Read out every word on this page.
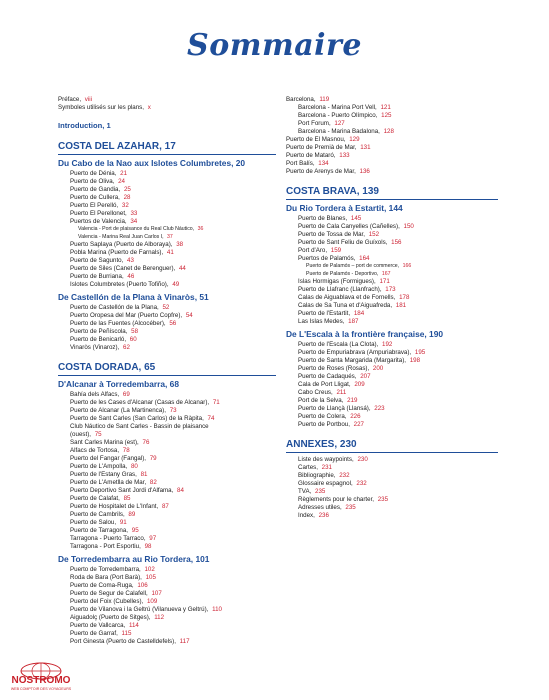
Sommaire
Préface, viii
Symboles utilisés sur les plans, x
Introduction, 1
COSTA DEL AZAHAR, 17
Du Cabo de la Nao aux Islotes Columbretes, 20
Puerto de Dénia, 21
Puerto de Oliva, 24
Puerto de Gandia, 25
Puerto de Cullera, 28
Puerto El Perelló, 32
Puerto El Perellonet, 33
Puertos de Valencia, 34
Valencia - Port de plaisance du Real Club Náutico, 36
Valencia - Marina Real Juan Carlos I, 37
Puerto Saplaya (Puerto de Alboraya), 38
Pobla Marina (Puerto de Farnals), 41
Puerto de Sagunto, 43
Puerto de Siles (Canet de Berenguer), 44
Puerto de Burriana, 46
Islotes Columbretes (Puerto Tofiño), 49
De Castellón de la Plana à Vinaròs, 51
Puerto de Castellón de la Plana, 52
Puerto Oropesa del Mar (Puerto Copfre), 54
Puerto de las Fuentes (Alcocéber), 56
Puerto de Peñíscola, 58
Puerto de Benicarló, 60
Vinaròs (Vinaroz), 62
COSTA DORADA, 65
D'Alcanar à Torredembarra, 68
Bahía dels Alfacs, 69
Puerto de les Cases d'Alcanar (Casas de Alcanar), 71
Puerto de Alcanar (La Martinenca), 73
Puerto de Sant Carles (San Carlos) de la Ràpita, 74
Club Náutico de Sant Carles - Bassin de plaisance
(ouest), 75
Sant Carles Marina (est), 76
Alfacs de Tortosa, 78
Puerto del Fangar (Fangal), 79
Puerto de L'Ampolla, 80
Puerto de l'Estany Gras, 81
Puerto de L'Ametlla de Mar, 82
Puerto Deportivo Sant Jordi d'Alfama, 84
Puerto de Calafat, 85
Puerto de Hospitalet de L'Infant, 87
Puerto de Cambrils, 89
Puerto de Salou, 91
Puerto de Tarragona, 95
Tarragona - Puerto Tarraco, 97
Tarragona - Port Esportiu, 98
De Torredembarra au Rio Tordera, 101
Puerto de Torredembarra, 102
Roda de Bara (Port Barà), 105
Puerto de Coma-Ruga, 106
Puerto de Segur de Calafell, 107
Puerto del Foix (Cubelles), 109
Puerto de Vilanova i la Geltrú (Vilanueva y Geltrú), 110
Aiguadolç (Puerto de Sitges), 112
Puerto de Vallcarca, 114
Puerto de Garraf, 115
Port Ginesta (Puerto de Castelldefels), 117
Barcelona, 119
Barcelona - Marina Port Vell, 121
Barcelona - Puerto Olímpico, 125
Port Forum, 127
Barcelona - Marina Badalona, 128
Puerto de El Masnou, 129
Puerto de Premià de Mar, 131
Puerto de Mataró, 133
Port Balís, 134
Puerto de Arenys de Mar, 136
COSTA BRAVA, 139
Du Rio Tordera à Estartit, 144
Puerto de Blanes, 145
Puerto de Cala Canyelles (Cañelles), 150
Puerto de Tossa de Mar, 152
Puerto de Sant Feliu de Guíxols, 156
Port d'Aro, 159
Puertos de Palamós, 164
Puerto de Palamós – port de commerce, 166
Puerto de Palamós - Deportivo, 167
Islas Hormigas (Formigues), 171
Puerto de Llafranc (Llanfrach), 173
Calas de Aiguablava et de Fornells, 178
Calas de Sa Tuna et d'Aiguafreda, 181
Puerto de l'Estartit, 184
Las Islas Medes, 187
De L'Escala à la frontière française, 190
Puerto de l'Escala (La Clota), 192
Puerto de Empuriabrava (Ampuriabrava), 195
Puerto de Santa Margarida (Margarita), 198
Puerto de Roses (Rosas), 200
Puerto de Cadaqués, 207
Cala de Port Lligat, 209
Cabo Creus, 211
Port de la Selva, 219
Puerto de Llançà (Llansá), 223
Puerto de Colera, 226
Puerto de Portbou, 227
ANNEXES, 230
Liste des waypoints, 230
Cartes, 231
Bibliographie, 232
Glossaire espagnol, 232
TVA, 235
Règlements pour le charter, 235
Adresses utiles, 235
Index, 236
NOSTROMO
WEB COMPTOIR DES VOYAGEURS
